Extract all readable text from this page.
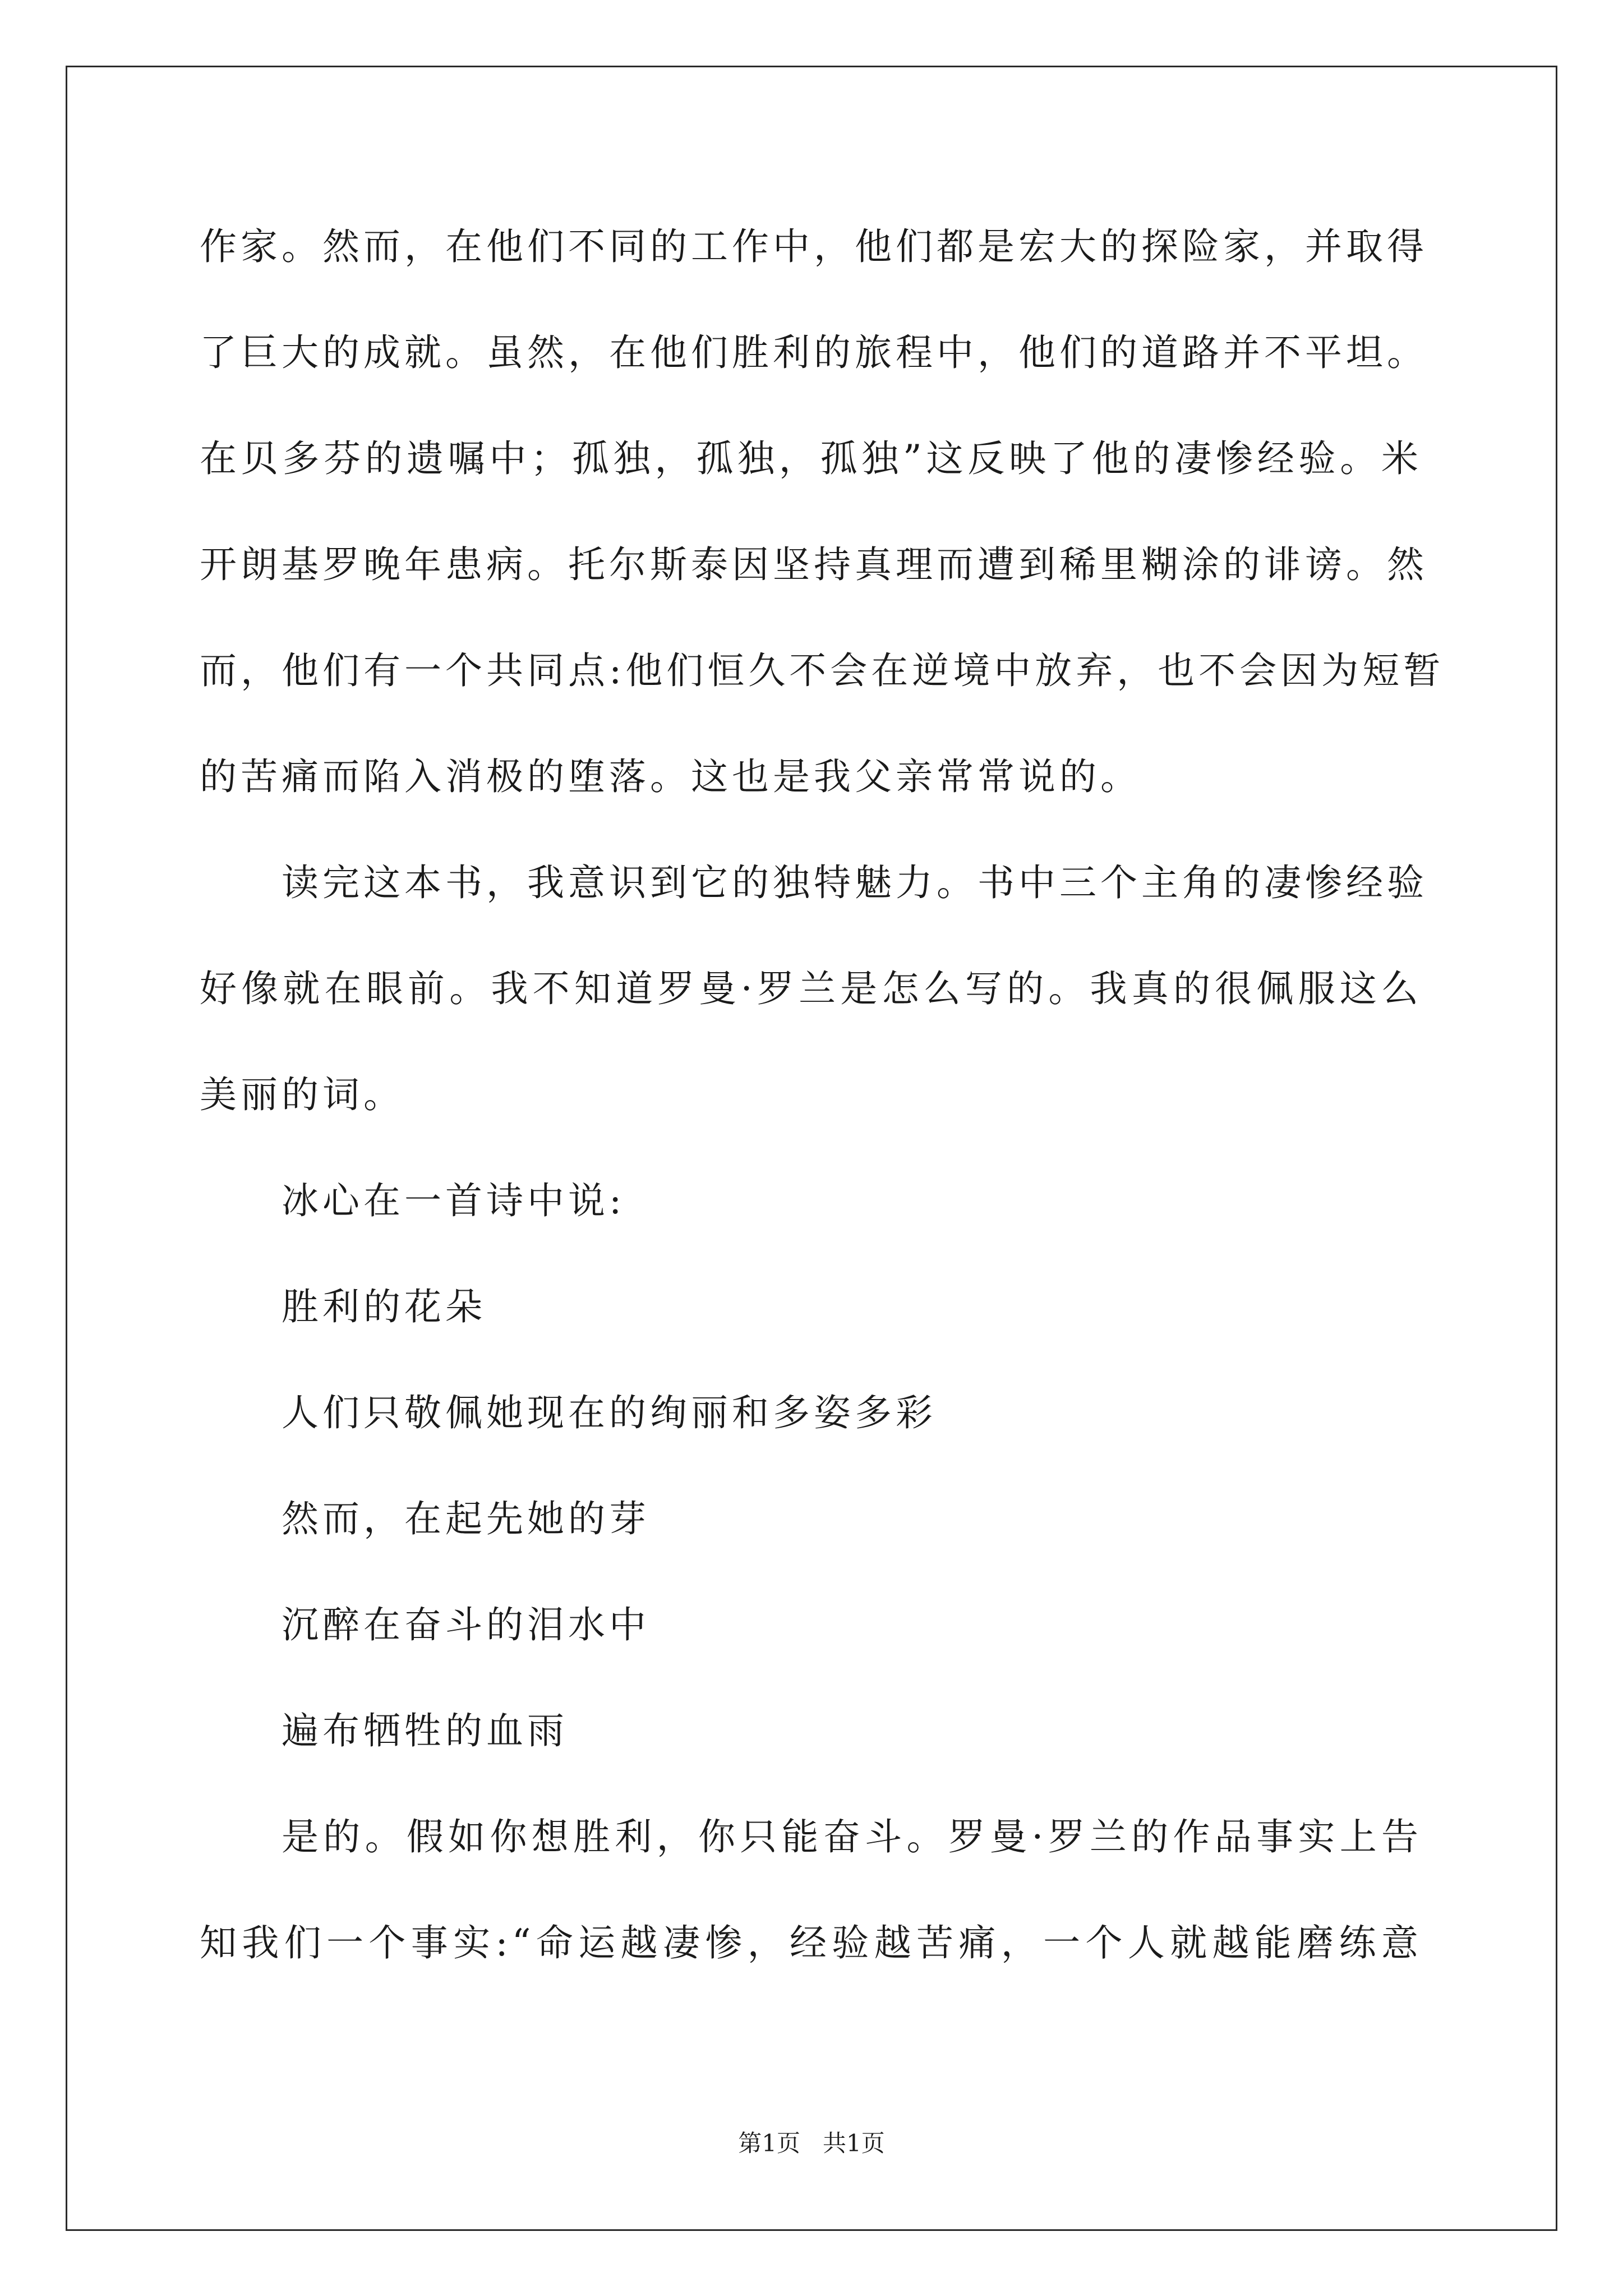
作家。然而，在他们不同的工作中，他们都是宏大的探险家，并取得
了巨大的成就。虽然，在他们胜利的旅程中，他们的道路并不平坦。
在贝多芬的遗嘱中；孤独，孤独，孤独”这反映了他的凄惨经验。米
开朗基罗晚年患病。托尔斯泰因坚持真理而遭到稀里糊涂的诽谤。然
而，他们有一个共同点:他们恒久不会在逆境中放弃，也不会因为短暂
的苦痛而陷入消极的堕落。这也是我父亲常常说的。
读完这本书，我意识到它的独特魅力。书中三个主角的凄惨经验
好像就在眼前。我不知道罗曼·罗兰是怎么写的。我真的很佩服这么
美丽的词。
冰心在一首诗中说:
胜利的花朵
人们只敬佩她现在的绚丽和多姿多彩
然而，在起先她的芽
沉醉在奋斗的泪水中
遍布牺牲的血雨
是的。假如你想胜利，你只能奋斗。罗曼·罗兰的作品事实上告
知我们一个事实:“命运越凄惨，经验越苦痛，一个人就越能磨练意
第1页   共1页
